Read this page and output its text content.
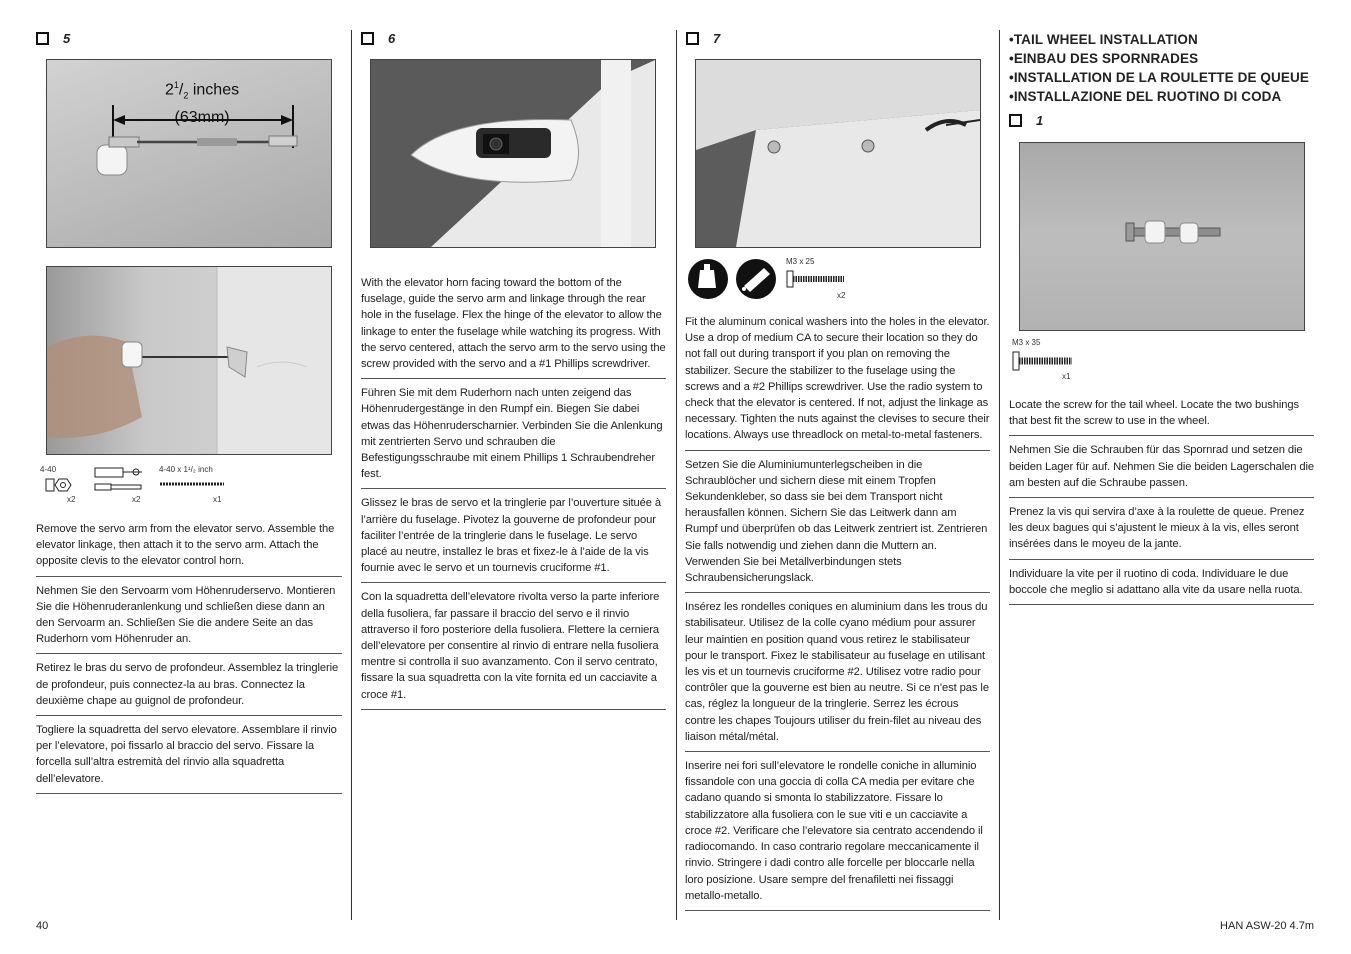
5
$2^1/_2$ inches
(63mm)
4-40
x2	x2
4-40 x 1¹/₂ inch
x1
Remove the servo arm from the elevator servo. Assemble the elevator linkage, then attach it to the servo arm. Attach the opposite clevis to the elevator control horn.
Nehmen Sie den Servoarm vom Höhenruderservo. Montieren Sie die Höhenruderanlenkung und schließen diese dann an den Servoarm an. Schließen Sie die andere Seite an das Ruderhorn vom Höhenruder an.
Retirez le bras du servo de profondeur. Assemblez la tringlerie de profondeur, puis connectez-la au bras. Connectez la deuxième chape au guignol de profondeur.
Togliere la squadretta del servo elevatore. Assemblare il rinvio per l’elevatore, poi fissarlo al braccio del servo. Fissare la forcella sull’altra estremità del rinvio alla squadretta dell’elevatore.
6
With the elevator horn facing toward the bottom of the fuselage, guide the servo arm and linkage through the rear hole in the fuselage. Flex the hinge of the elevator to allow the linkage to enter the fuselage while watching its progress. With the servo centered, attach the servo arm to the servo using the screw provided with the servo and a #1 Phillips screwdriver.
Führen Sie mit dem Ruderhorn nach unten zeigend das Höhenrudergestänge in den Rumpf ein. Biegen Sie dabei etwas das Höhenruderscharnier. Verbinden Sie die Anlenkung mit zentrierten Servo und schrauben die Befestigungsschraube mit einem Phillips 1 Schraubendreher fest.
Glissez le bras de servo et la tringlerie par l’ouverture située à l’arrière du fuselage. Pivotez la gouverne de profondeur pour faciliter l’entrée de la tringlerie dans le fuselage. Le servo placé au neutre, installez le bras et fixez-le à l’aide de la vis fournie avec le servo et un tournevis cruciforme #1.
Con la squadretta dell’elevatore rivolta verso la parte inferiore della fusoliera, far passare il braccio del servo e il rinvio attraverso il foro posteriore della fusoliera. Flettere la cerniera dell’elevatore per consentire al rinvio di entrare nella fusoliera mentre si controlla il suo avanzamento. Con il servo centrato, fissare la sua squadretta con la vite fornita ed un cacciavite a croce #1.
7
M3 x 25
x2
Fit the aluminum conical washers into the holes in the elevator. Use a drop of medium CA to secure their location so they do not fall out during transport if you plan on removing the stabilizer. Secure the stabilizer to the fuselage using the screws and a #2 Phillips screwdriver. Use the radio system to check that the elevator is centered. If not, adjust the linkage as necessary. Tighten the nuts against the clevises to secure their locations. Always use threadlock on metal-to-metal fasteners.
Setzen Sie die Aluminiumunterlegscheiben in die Schraublöcher und sichern diese mit einem Tropfen Sekundenkleber, so dass sie bei dem Transport nicht herausfallen können. Sichern Sie das Leitwerk dann am Rumpf und überprüfen ob das Leitwerk zentriert ist. Zentrieren Sie falls notwendig und ziehen dann die Muttern an. Verwenden Sie bei Metallverbindungen stets Schraubensicherungslack.
Insérez les rondelles coniques en aluminium dans les trous du stabilisateur. Utilisez de la colle cyano médium pour assurer leur maintien en position quand vous retirez le stabilisateur pour le transport. Fixez le stabilisateur au fuselage en utilisant les vis et un tournevis cruciforme #2. Utilisez votre radio pour contrôler que la gouverne est bien au neutre. Si ce n’est pas le cas, réglez la longueur de la tringlerie. Serrez les écrous contre les chapes Toujours utiliser du frein-filet au niveau des liaison métal/métal.
Inserire nei fori sull’elevatore le rondelle coniche in alluminio fissandole con una goccia di colla CA media per evitare che cadano quando si smonta lo stabilizzatore. Fissare lo stabilizzatore alla fusoliera con le sue viti e un cacciavite a croce #2. Verificare che l’elevatore sia centrato accendendo il radiocomando. In caso contrario regolare meccanicamente il rinvio. Stringere i dadi contro alle forcelle per bloccarle nella loro posizione. Usare sempre del frenafiletti nei fissaggi metallo-metallo.
•TAIL WHEEL INSTALLATION
•EINBAU DES SPORNRADES
•INSTALLATION DE LA ROULETTE DE QUEUE
•INSTALLAZIONE DEL RUOTINO DI CODA
1
M3 x 35
x1
Locate the screw for the tail wheel. Locate the two bushings that best fit the screw to use in the wheel.
Nehmen Sie die Schrauben für das Spornrad und setzen die beiden Lager für auf. Nehmen Sie die beiden Lagerschalen die am besten auf die Schraube passen.
Prenez la vis qui servira d’axe à la roulette de queue. Prenez les deux bagues qui s’ajustent le mieux à la vis, elles seront insérées dans le moyeu de la jante.
Individuare la vite per il ruotino di coda. Individuare le due boccole che meglio si adattano alla vite da usare nella ruota.
40	HAN ASW-20 4.7m
